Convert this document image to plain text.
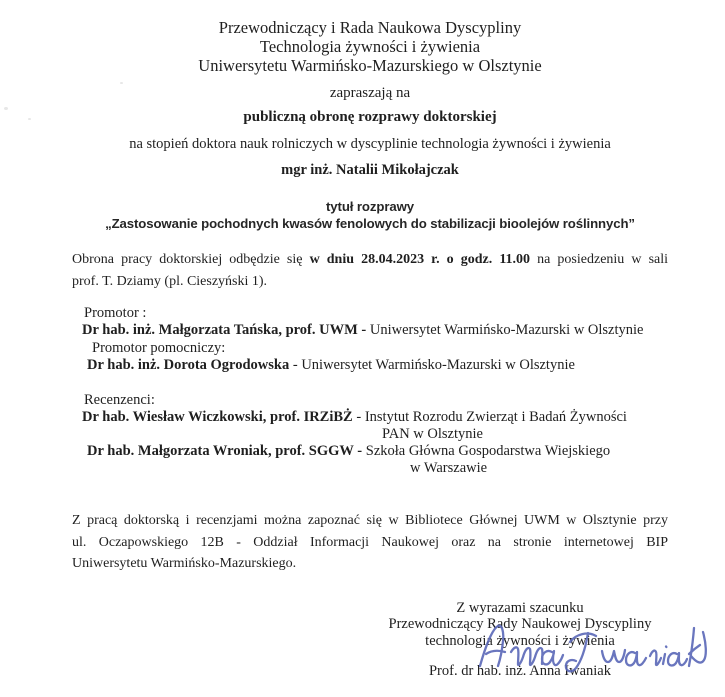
Przewodniczący i Rada Naukowa Dyscypliny
Technologia żywności i żywienia
Uniwersytetu Warmińsko-Mazurskiego w Olsztynie
zapraszają na
publiczną obronę rozprawy doktorskiej
na stopień doktora nauk rolniczych w dyscyplinie technologia żywności i żywienia
mgr inż. Natalii Mikołajczak
tytuł rozprawy
„Zastosowanie pochodnych kwasów fenolowych do stabilizacji bioolejów roślinnych”
Obrona pracy doktorskiej odbędzie się w dniu 28.04.2023 r. o godz. 11.00 na posiedzeniu w sali
prof. T. Dziamy (pl. Cieszyński 1).
Promotor :
Dr hab. inż. Małgorzata Tańska, prof. UWM - Uniwersytet Warmińsko-Mazurski w Olsztynie
Promotor pomocniczy:
Dr hab. inż. Dorota Ogrodowska - Uniwersytet Warmińsko-Mazurski w Olsztynie
Recenzenci:
Dr hab. Wiesław Wiczkowski, prof. IRZiBŻ - Instytut Rozrodu Zwierząt i Badań Żywności
PAN w Olsztynie
Dr hab. Małgorzata Wroniak, prof. SGGW - Szkoła Główna Gospodarstwa Wiejskiego
w Warszawie
Z pracą doktorską i recenzjami można zapoznać się w Bibliotece Głównej UWM w Olsztynie przy
ul. Oczapowskiego 12B - Oddział Informacji Naukowej oraz na stronie internetowej BIP
Uniwersytetu Warmińsko-Mazurskiego.
Z wyrazami szacunku
Przewodniczący Rady Naukowej Dyscypliny
technologia żywności i żywienia
Prof. dr hab. inż. Anna Iwaniak
